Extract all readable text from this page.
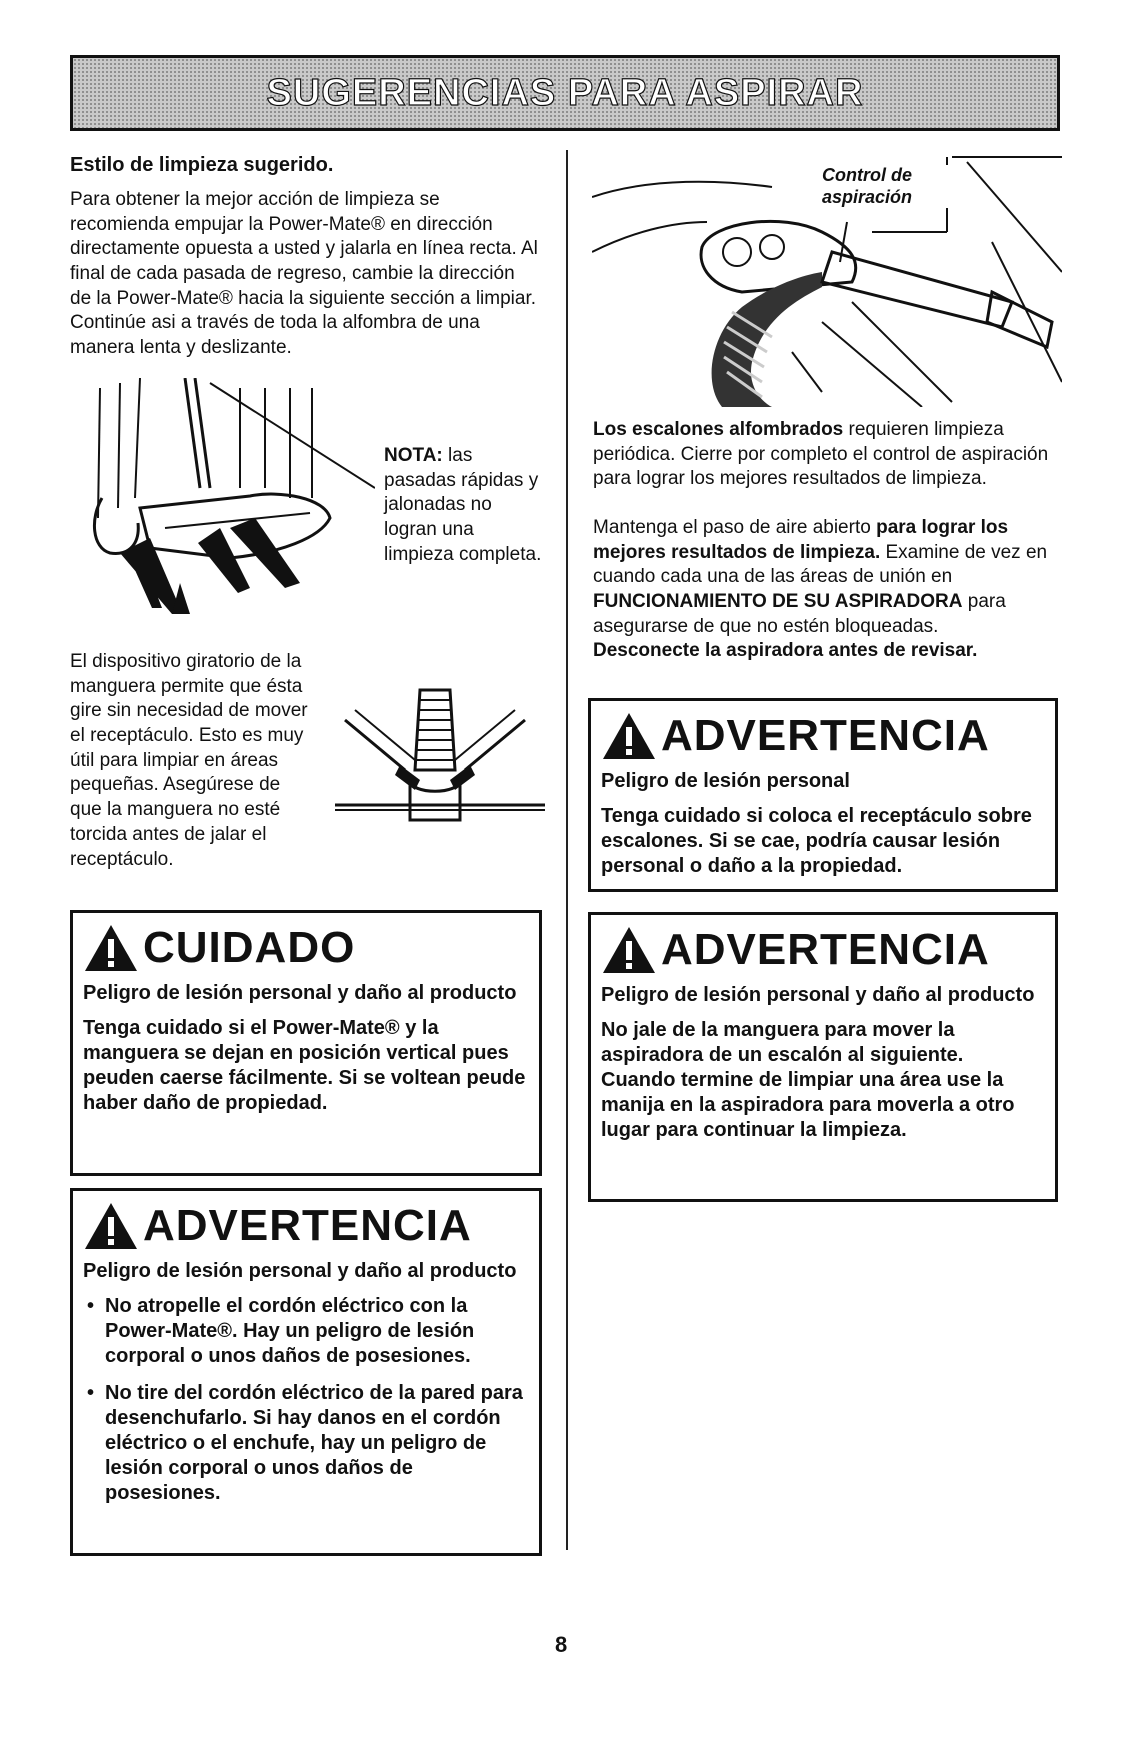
SUGERENCIAS PARA ASPIRAR
Estilo de limpieza sugerido.
Para obtener la mejor acción de limpieza se recomienda empujar la Power-Mate® en dirección directamente opuesta a usted y jalarla en línea recta. Al final de cada pasada de regreso, cambie la dirección de la Power-Mate® hacia la siguiente sección a limpiar. Continúe asi a través de toda la alfombra de una manera lenta y deslizante.
NOTA: las pasadas rápidas y jalonadas no logran una limpieza completa.
El dispositivo giratorio de la manguera permite que ésta gire sin necesidad de mover el receptáculo. Esto es muy útil para limpiar en áreas pequeñas. Asegúrese de que la manguera no esté torcida antes de jalar el receptáculo.
CUIDADO

Peligro de lesión personal y daño al producto

Tenga cuidado si el Power-Mate® y la manguera se dejan en posición vertical pues peuden caerse fácilmente. Si se voltean peude haber daño de propiedad.

ADVERTENCIA

Peligro de lesión personal y daño al producto

• No atropelle el cordón eléctrico con la Power-Mate®. Hay un peligro de lesión corporal o unos daños de posesiones.
• No tire del cordón eléctrico de la pared para desenchufarlo. Si hay danos en el cordón eléctrico o el enchufe, hay un peligro de lesión corporal o unos daños de posesiones.
Control de aspiración
Los escalones alfombrados requieren limpieza periódica. Cierre por completo el control de aspiración para lograr los mejores resultados de limpieza.
Mantenga el paso de aire abierto para lograr los mejores resultados de limpieza. Examine de vez en cuando cada una de las áreas de unión en FUNCIONAMIENTO DE SU ASPIRADORA para asegurarse de que no estén bloqueadas.
Desconecte la aspiradora antes de revisar.
ADVERTENCIA

Peligro de lesión personal

Tenga cuidado si coloca el receptáculo sobre escalones. Si se cae, podría causar lesión personal o daño a la propiedad.

ADVERTENCIA

Peligro de lesión personal y daño al producto

No jale de la manguera para mover la aspiradora de un escalón al siguiente. Cuando termine de limpiar una área use la manija en la aspiradora para moverla a otro lugar para continuar la limpieza.

8
